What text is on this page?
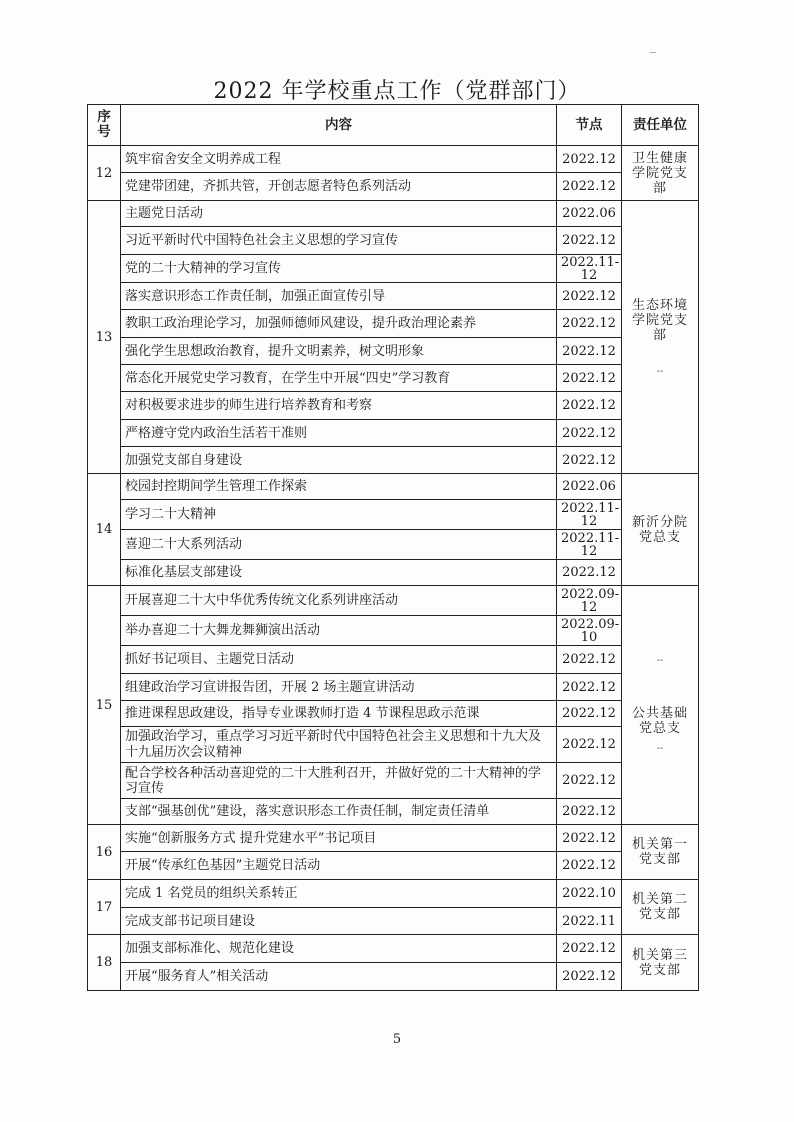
2022 年学校重点工作（党群部门）
序号	内容	节点	责任单位
12	筑牢宿舍安全文明养成工程	2022.12	卫生健康学院党支部
	党建带团建，齐抓共管，开创志愿者特色系列活动	2022.12	
13	主题党日活动	2022.06	生态环境学院党支部
--

	习近平新时代中国特色社会主义思想的学习宣传	2022.12	
	党的二十大精神的学习宣传	2022.11-12	
	落实意识形态工作责任制，加强正面宣传引导	2022.12	
	教职工政治理论学习，加强师德师风建设，提升政治理论素养	2022.12	
	强化学生思想政治教育，提升文明素养，树文明形象	2022.12	
	常态化开展党史学习教育，在学生中开展“四史”学习教育	2022.12	
	对积极要求进步的师生进行培养教育和考察	2022.12	
	严格遵守党内政治生活若干准则	2022.12	
	加强党支部自身建设	2022.12	
14	校园封控期间学生管理工作探索	2022.06	新沂分院党总支
	学习二十大精神	2022.11-12	
	喜迎二十大系列活动	2022.11-12	
	标准化基层支部建设	2022.12	
15	开展喜迎二十大中华优秀传统文化系列讲座活动	2022.09-12	--
公共基础党总支
--

	举办喜迎二十大舞龙舞狮演出活动	2022.09-10	
	抓好书记项目、主题党日活动	2022.12	
	组建政治学习宣讲报告团，开展 2 场主题宣讲活动	2022.12	
	推进课程思政建设，指导专业课教师打造 4 节课程思政示范课	2022.12	
	加强政治学习，重点学习习近平新时代中国特色社会主义思想和十九大及十九届历次会议精神	2022.12	
	配合学校各种活动喜迎党的二十大胜利召开，并做好党的二十大精神的学习宣传	2022.12	
	支部“强基创优”建设，落实意识形态工作责任制，制定责任清单	2022.12	
16	实施“创新服务方式 提升党建水平”书记项目	2022.12	机关第一党支部
	开展“传承红色基因”主题党日活动	2022.12	
17	完成 1 名党员的组织关系转正	2022.10	机关第二党支部
	完成支部书记项目建设	2022.11	
18	加强支部标准化、规范化建设	2022.12	机关第三党支部
	开展“服务育人”相关活动	2022.12	
5
